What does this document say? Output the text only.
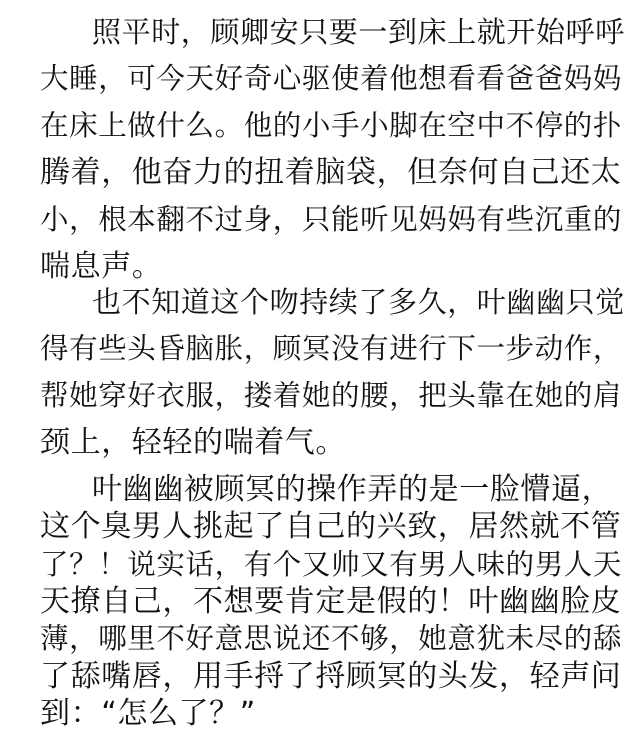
照平时，顾卿安只要一到床上就开始呼呼
大睡，可今天好奇心驱使着他想看看爸爸妈妈
在床上做什么。他的小手小脚在空中不停的扑
腾着，他奋力的扭着脑袋，但奈何自己还太
小，根本翻不过身，只能听见妈妈有些沉重的
喘息声。
也不知道这个吻持续了多久，叶幽幽只觉
得有些头昏脑胀，顾冥没有进行下一步动作，
帮她穿好衣服，搂着她的腰，把头靠在她的肩
颈上，轻轻的喘着气。
叶幽幽被顾冥的操作弄的是一脸懵逼，
这个臭男人挑起了自己的兴致，居然就不管
了？！说实话，有个又帅又有男人味的男人天
天撩自己，不想要肯定是假的！叶幽幽脸皮
薄，哪里不好意思说还不够，她意犹未尽的舔
了舔嘴唇，用手捋了捋顾冥的头发，轻声问
到：“怎么了？”
